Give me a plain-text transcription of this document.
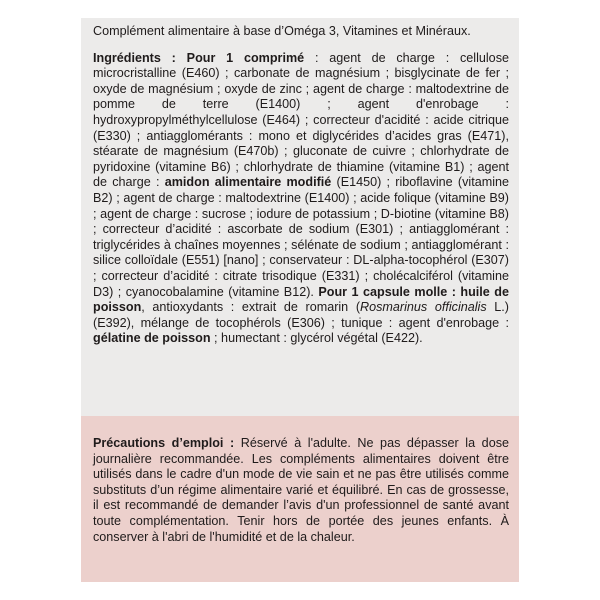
Complément alimentaire à base d’Oméga 3, Vitamines et Minéraux.

Ingrédients : Pour 1 comprimé : agent de charge : cellulose microcristalline (E460) ; carbonate de magnésium ; bisglycinate de fer ; oxyde de magnésium ; oxyde de zinc ; agent de charge : maltodextrine de pomme de terre (E1400) ; agent d'enrobage : hydroxypropylméthylcellulose (E464) ; correcteur d'acidité : acide citrique (E330) ; antiagglomérants : mono et diglycérides d’acides gras (E471), stéarate de magnésium (E470b) ; gluconate de cuivre ; chlorhydrate de pyridoxine (vitamine B6) ; chlorhydrate de thiamine (vitamine B1) ; agent de charge : amidon alimentaire modifié (E1450) ; riboflavine (vitamine B2) ; agent de charge : maltodextrine (E1400) ; acide folique (vitamine B9) ; agent de charge : sucrose ; iodure de potassium ; D-biotine (vitamine B8) ; correcteur d’acidité : ascorbate de sodium (E301) ; antiagglomérant : triglycérides à chaînes moyennes ; sélénate de sodium ; antiagglomérant : silice colloïdale (E551) [nano] ; conservateur : DL-alpha-tocophérol (E307) ; correcteur d’acidité : citrate trisodique (E331) ; cholécalciférol (vitamine D3) ; cyanocobalamine (vitamine B12). Pour 1 capsule molle : huile de poisson, antioxydants : extrait de romarin (Rosmarinus officinalis L.) (E392), mélange de tocophérols (E306) ; tunique : agent d'enrobage : gélatine de poisson ; humectant : glycérol végétal (E422).

Précautions d’emploi : Réservé à l'adulte. Ne pas dépasser la dose journalière recommandée. Les compléments alimentaires doivent être utilisés dans le cadre d'un mode de vie sain et ne pas être utilisés comme substituts d’un régime alimentaire varié et équilibré. En cas de grossesse, il est recommandé de demander l’avis d'un professionnel de santé avant toute complémentation. Tenir hors de portée des jeunes enfants. À conserver à l'abri de l'humidité et de la chaleur.
